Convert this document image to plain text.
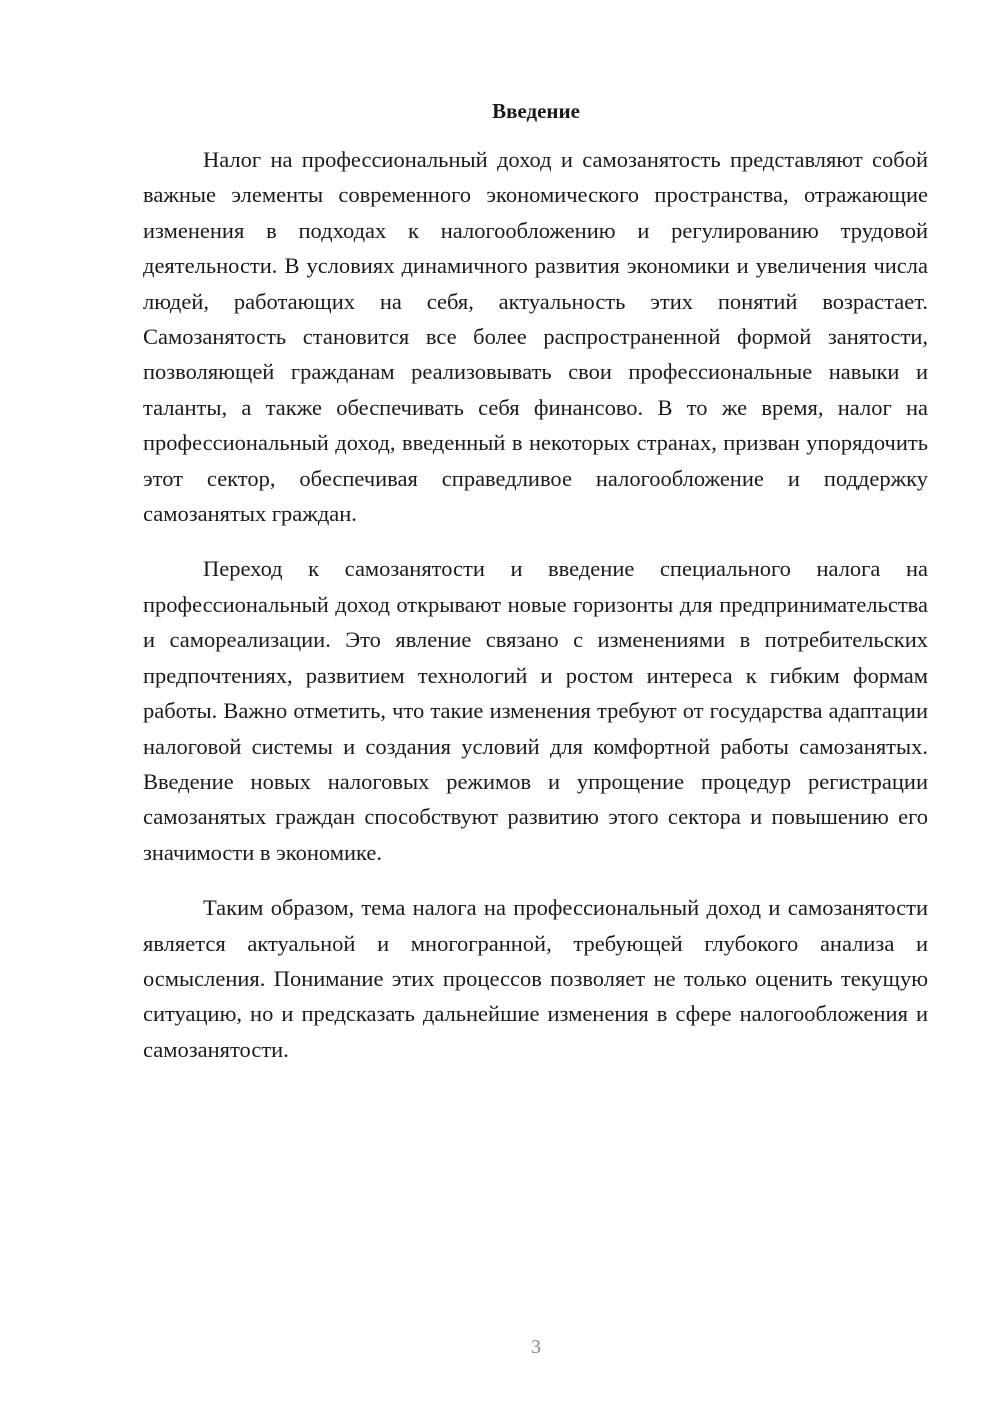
Введение

Налог на профессиональный доход и самозанятость представляют собой важные элементы современного экономического пространства, отражающие изменения в подходах к налогообложению и регулированию трудовой деятельности. В условиях динамичного развития экономики и увеличения числа людей, работающих на себя, актуальность этих понятий возрастает. Самозанятость становится все более распространенной формой занятости, позволяющей гражданам реализовывать свои профессиональные навыки и таланты, а также обеспечивать себя финансово. В то же время, налог на профессиональный доход, введенный в некоторых странах, призван упорядочить этот сектор, обеспечивая справедливое налогообложение и поддержку самозанятых граждан.

Переход к самозанятости и введение специального налога на профессиональный доход открывают новые горизонты для предпринимательства и самореализации. Это явление связано с изменениями в потребительских предпочтениях, развитием технологий и ростом интереса к гибким формам работы. Важно отметить, что такие изменения требуют от государства адаптации налоговой системы и создания условий для комфортной работы самозанятых. Введение новых налоговых режимов и упрощение процедур регистрации самозанятых граждан способствуют развитию этого сектора и повышению его значимости в экономике.

Таким образом, тема налога на профессиональный доход и самозанятости является актуальной и многогранной, требующей глубокого анализа и осмысления. Понимание этих процессов позволяет не только оценить текущую ситуацию, но и предсказать дальнейшие изменения в сфере налогообложения и самозанятости.

3
